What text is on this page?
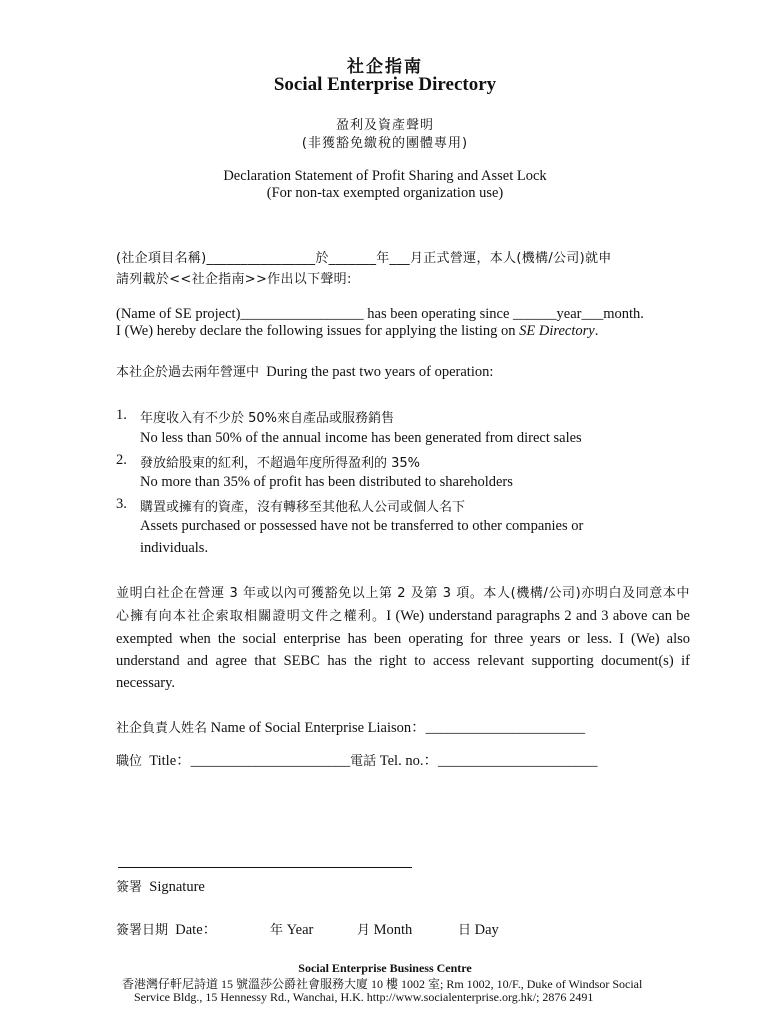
社企指南
Social Enterprise Directory
盈利及資產聲明
(非獲豁免繳稅的團體專用)
Declaration Statement of Profit Sharing and Asset Lock
(For non-tax exempted organization use)
(社企項目名稱)________________於_______年___月正式營運，本人(機構/公司)就申
請列載於<<社企指南>>作出以下聲明:
(Name of SE project)_________________ has been operating since ______year___month.
I (We) hereby declare the following issues for applying the listing on SE Directory.
本社企於過去兩年營運中 During the past two years of operation:
1. 年度收入有不少於 50%來自產品或服務銷售
No less than 50% of the annual income has been generated from direct sales
2. 發放給股東的紅利，不超過年度所得盈利的 35%
No more than 35% of profit has been distributed to shareholders
3. 購置或擁有的資產，沒有轉移至其他私人公司或個人名下
Assets purchased or possessed have not be transferred to other companies or
individuals.
並明白社企在營運 3 年或以內可獲豁免以上第 2 及第 3 項。本人(機構/公司)亦明白及同意本中心擁有向本社企索取相關證明文件之權利。I (We) understand paragraphs 2 and 3 above can be exempted when the social enterprise has been operating for three years or less. I (We) also understand and agree that SEBC has the right to access relevant supporting document(s) if necessary.
社企負責人姓名 Name of Social Enterprise Liaison：______________________
職位 Title：______________________電話 Tel. no.：______________________
簽署 Signature
簽署日期 Date：	年 Year	月 Month	日 Day
Social Enterprise Business Centre
香港灣仔軒尼詩道 15 號溫莎公爵社會服務大廈 10 樓 1002 室; Rm 1002, 10/F., Duke of Windsor Social
Service Bldg., 15 Hennessy Rd., Wanchai, H.K. http://www.socialenterprise.org.hk/; 2876 2491
